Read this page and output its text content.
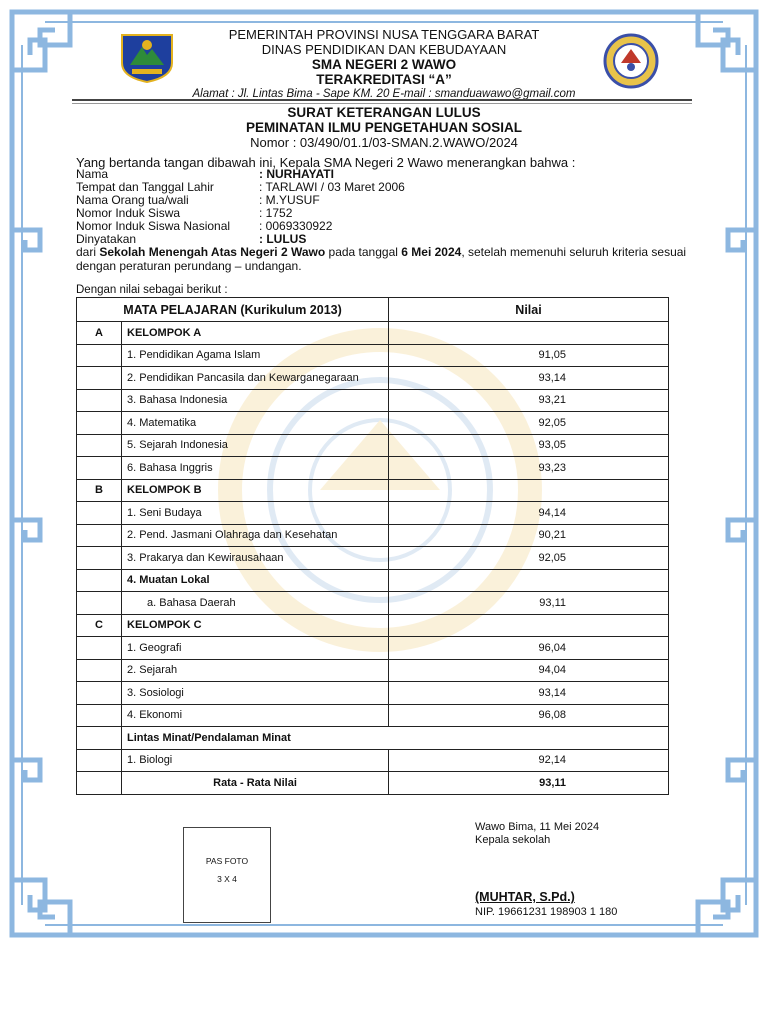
PEMERINTAH PROVINSI NUSA TENGGARA BARAT
DINAS PENDIDIKAN DAN KEBUDAYAAN
SMA NEGERI 2 WAWO
TERAKREDITASI “A”
Alamat : Jl. Lintas Bima - Sape KM. 20 E-mail : smanduawawo@gmail.com
SURAT KETERANGAN LULUS
PEMINATAN ILMU PENGETAHUAN SOSIAL
Nomor : 03/490/01.1/03-SMAN.2.WAWO/2024
Yang bertanda tangan dibawah ini, Kepala SMA Negeri 2 Wawo menerangkan bahwa :
Nama	: NURHAYATI
Tempat dan Tanggal Lahir	: TARLAWI / 03 Maret 2006
Nama Orang tua/wali	: M.YUSUF
Nomor Induk Siswa	: 1752
Nomor Induk Siswa Nasional	: 0069330922
Dinyatakan	: LULUS
dari Sekolah Menengah Atas Negeri 2 Wawo pada tanggal 6 Mei 2024, setelah memenuhi seluruh kriteria sesuai dengan peraturan perundang – undangan.
Dengan nilai sebagai berikut :
MATA PELAJARAN (Kurikulum 2013)		Nilai
A	KELOMPOK A	
	1. Pendidikan Agama Islam	91,05
	2. Pendidikan Pancasila dan Kewarganegaraan	93,14
	3. Bahasa Indonesia	93,21
	4. Matematika	92,05
	5. Sejarah Indonesia	93,05
	6. Bahasa Inggris	93,23
B	KELOMPOK B	
	1. Seni Budaya	94,14
	2. Pend. Jasmani Olahraga dan Kesehatan	90,21
	3. Prakarya dan Kewirausahaan	92,05
	4. Muatan Lokal	
	a. Bahasa Daerah	93,11
C	KELOMPOK C	
	1. Geografi	96,04
	2. Sejarah	94,04
	3. Sosiologi	93,14
	4. Ekonomi	96,08
	Lintas Minat/Pendalaman Minat	
	1. Biologi	92,14
	Rata - Rata Nilai	93,11
PAS FOTO
3 X 4
Wawo Bima, 11 Mei 2024
Kepala sekolah
(MUHTAR, S.Pd.)
NIP. 19661231 198903 1 180
